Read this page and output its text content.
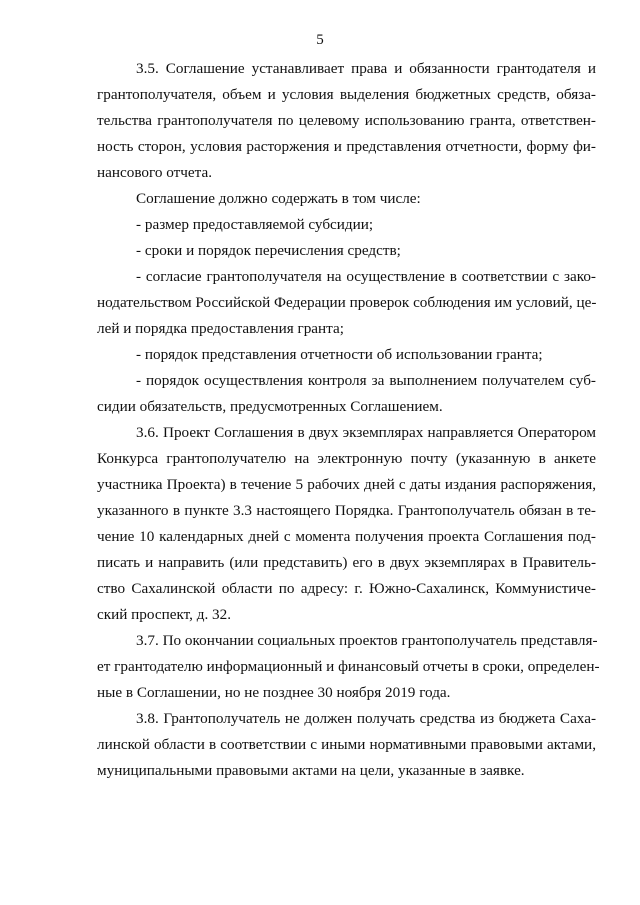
5
3.5. Соглашение устанавливает права и обязанности грантодателя и
грантополучателя, объем и условия выделения бюджетных средств, обяза-
тельства грантополучателя по целевому использованию гранта, ответствен-
ность сторон, условия расторжения и представления отчетности, форму фи-
нансового отчета.
Соглашение должно содержать в том числе:
- размер предоставляемой субсидии;
- сроки и порядок перечисления средств;
- согласие грантополучателя на осуществление в соответствии с зако-
нодательством Российской Федерации проверок соблюдения им условий, це-
лей и порядка предоставления гранта;
- порядок представления отчетности об использовании гранта;
- порядок осуществления контроля за выполнением получателем суб-
сидии обязательств, предусмотренных Соглашением.
3.6. Проект Соглашения в двух экземплярах направляется Оператором
Конкурса грантополучателю на электронную почту (указанную в анкете
участника Проекта) в течение 5 рабочих дней с даты издания распоряжения,
указанного в пункте 3.3 настоящего Порядка. Грантополучатель обязан в те-
чение 10 календарных дней с момента получения проекта Соглашения под-
писать и направить (или представить) его в двух экземплярах в Правитель-
ство Сахалинской области по адресу: г. Южно-Сахалинск, Коммунистиче-
ский проспект, д. 32.
3.7. По окончании социальных проектов грантополучатель представля-
ет грантодателю информационный и финансовый отчеты в сроки, определен-
ные в Соглашении, но не позднее 30 ноября 2019 года.
3.8. Грантополучатель не должен получать средства из бюджета Саха-
линской области в соответствии с иными нормативными правовыми актами,
муниципальными правовыми актами на цели, указанные в заявке.
